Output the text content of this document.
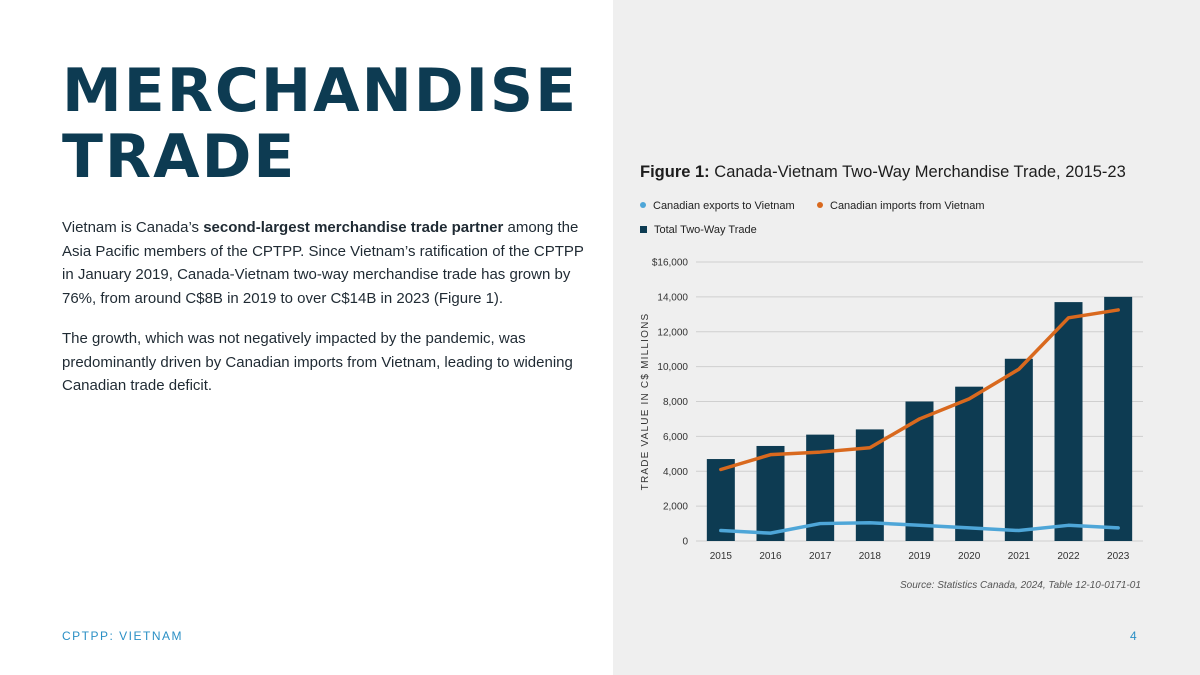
MERCHANDISE
TRADE

Vietnam is Canada’s second-largest merchandise trade partner among the Asia Pacific members of the CPTPP. Since Vietnam’s ratification of the CPTPP in January 2019, Canada-Vietnam two-way merchandise trade has grown by 76%, from around C$8B in 2019 to over C$14B in 2023 (Figure 1).

The growth, which was not negatively impacted by the pandemic, was predominantly driven by Canadian imports from Vietnam, leading to widening Canadian trade deficit.

Figure 1: Canada-Vietnam Two-Way Merchandise Trade, 2015-23
Canadian exports to Vietnam	Canadian imports from Vietnam
Total Two-Way Trade
0
2,000
4,000
6,000
8,000
10,000
12,000
14,000
$16,000
TRADE VALUE IN C$ MILLIONS
2015	2016	2017	2018	2019	2020	2021	2022	2023
Source: Statistics Canada, 2024, Table 12-10-0171-01
CPTPP: VIETNAM	4
